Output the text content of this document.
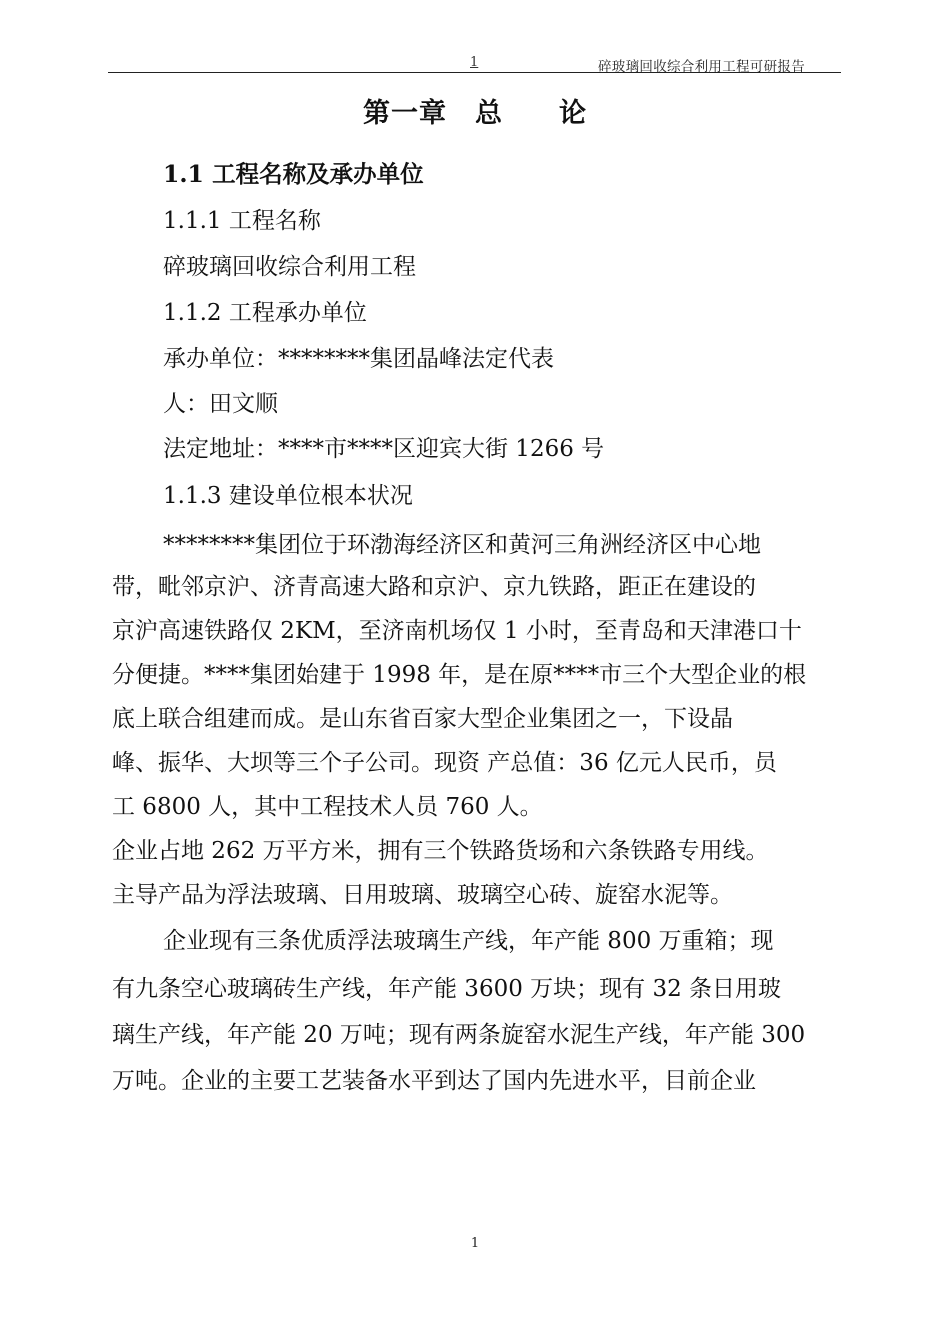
1	碎玻璃回收综合利用工程可研报告
第一章　总　　论
1.1 工程名称及承办单位
1.1.1 工程名称
碎玻璃回收综合利用工程
1.1.2 工程承办单位
承办单位：********集团晶峰法定代表
人：田文顺
法定地址：****市****区迎宾大街 1266 号
1.1.3 建设单位根本状况
********集团位于环渤海经济区和黄河三角洲经济区中心地
带，毗邻京沪、济青高速大路和京沪、京九铁路，距正在建设的
京沪高速铁路仅 2KM，至济南机场仅 1 小时，至青岛和天津港口十
分便捷。****集团始建于 1998 年，是在原****市三个大型企业的根
底上联合组建而成。是山东省百家大型企业集团之一，下设晶
峰、振华、大坝等三个子公司。现资 产总值：36 亿元人民币，员
工 6800 人，其中工程技术人员 760 人。
企业占地 262 万平方米，拥有三个铁路货场和六条铁路专用线。
主导产品为浮法玻璃、日用玻璃、玻璃空心砖、旋窑水泥等。
企业现有三条优质浮法玻璃生产线，年产能 800 万重箱；现
有九条空心玻璃砖生产线，年产能 3600 万块；现有 32 条日用玻
璃生产线，年产能 20 万吨；现有两条旋窑水泥生产线，年产能 300
万吨。企业的主要工艺装备水平到达了国内先进水平，目前企业
1
